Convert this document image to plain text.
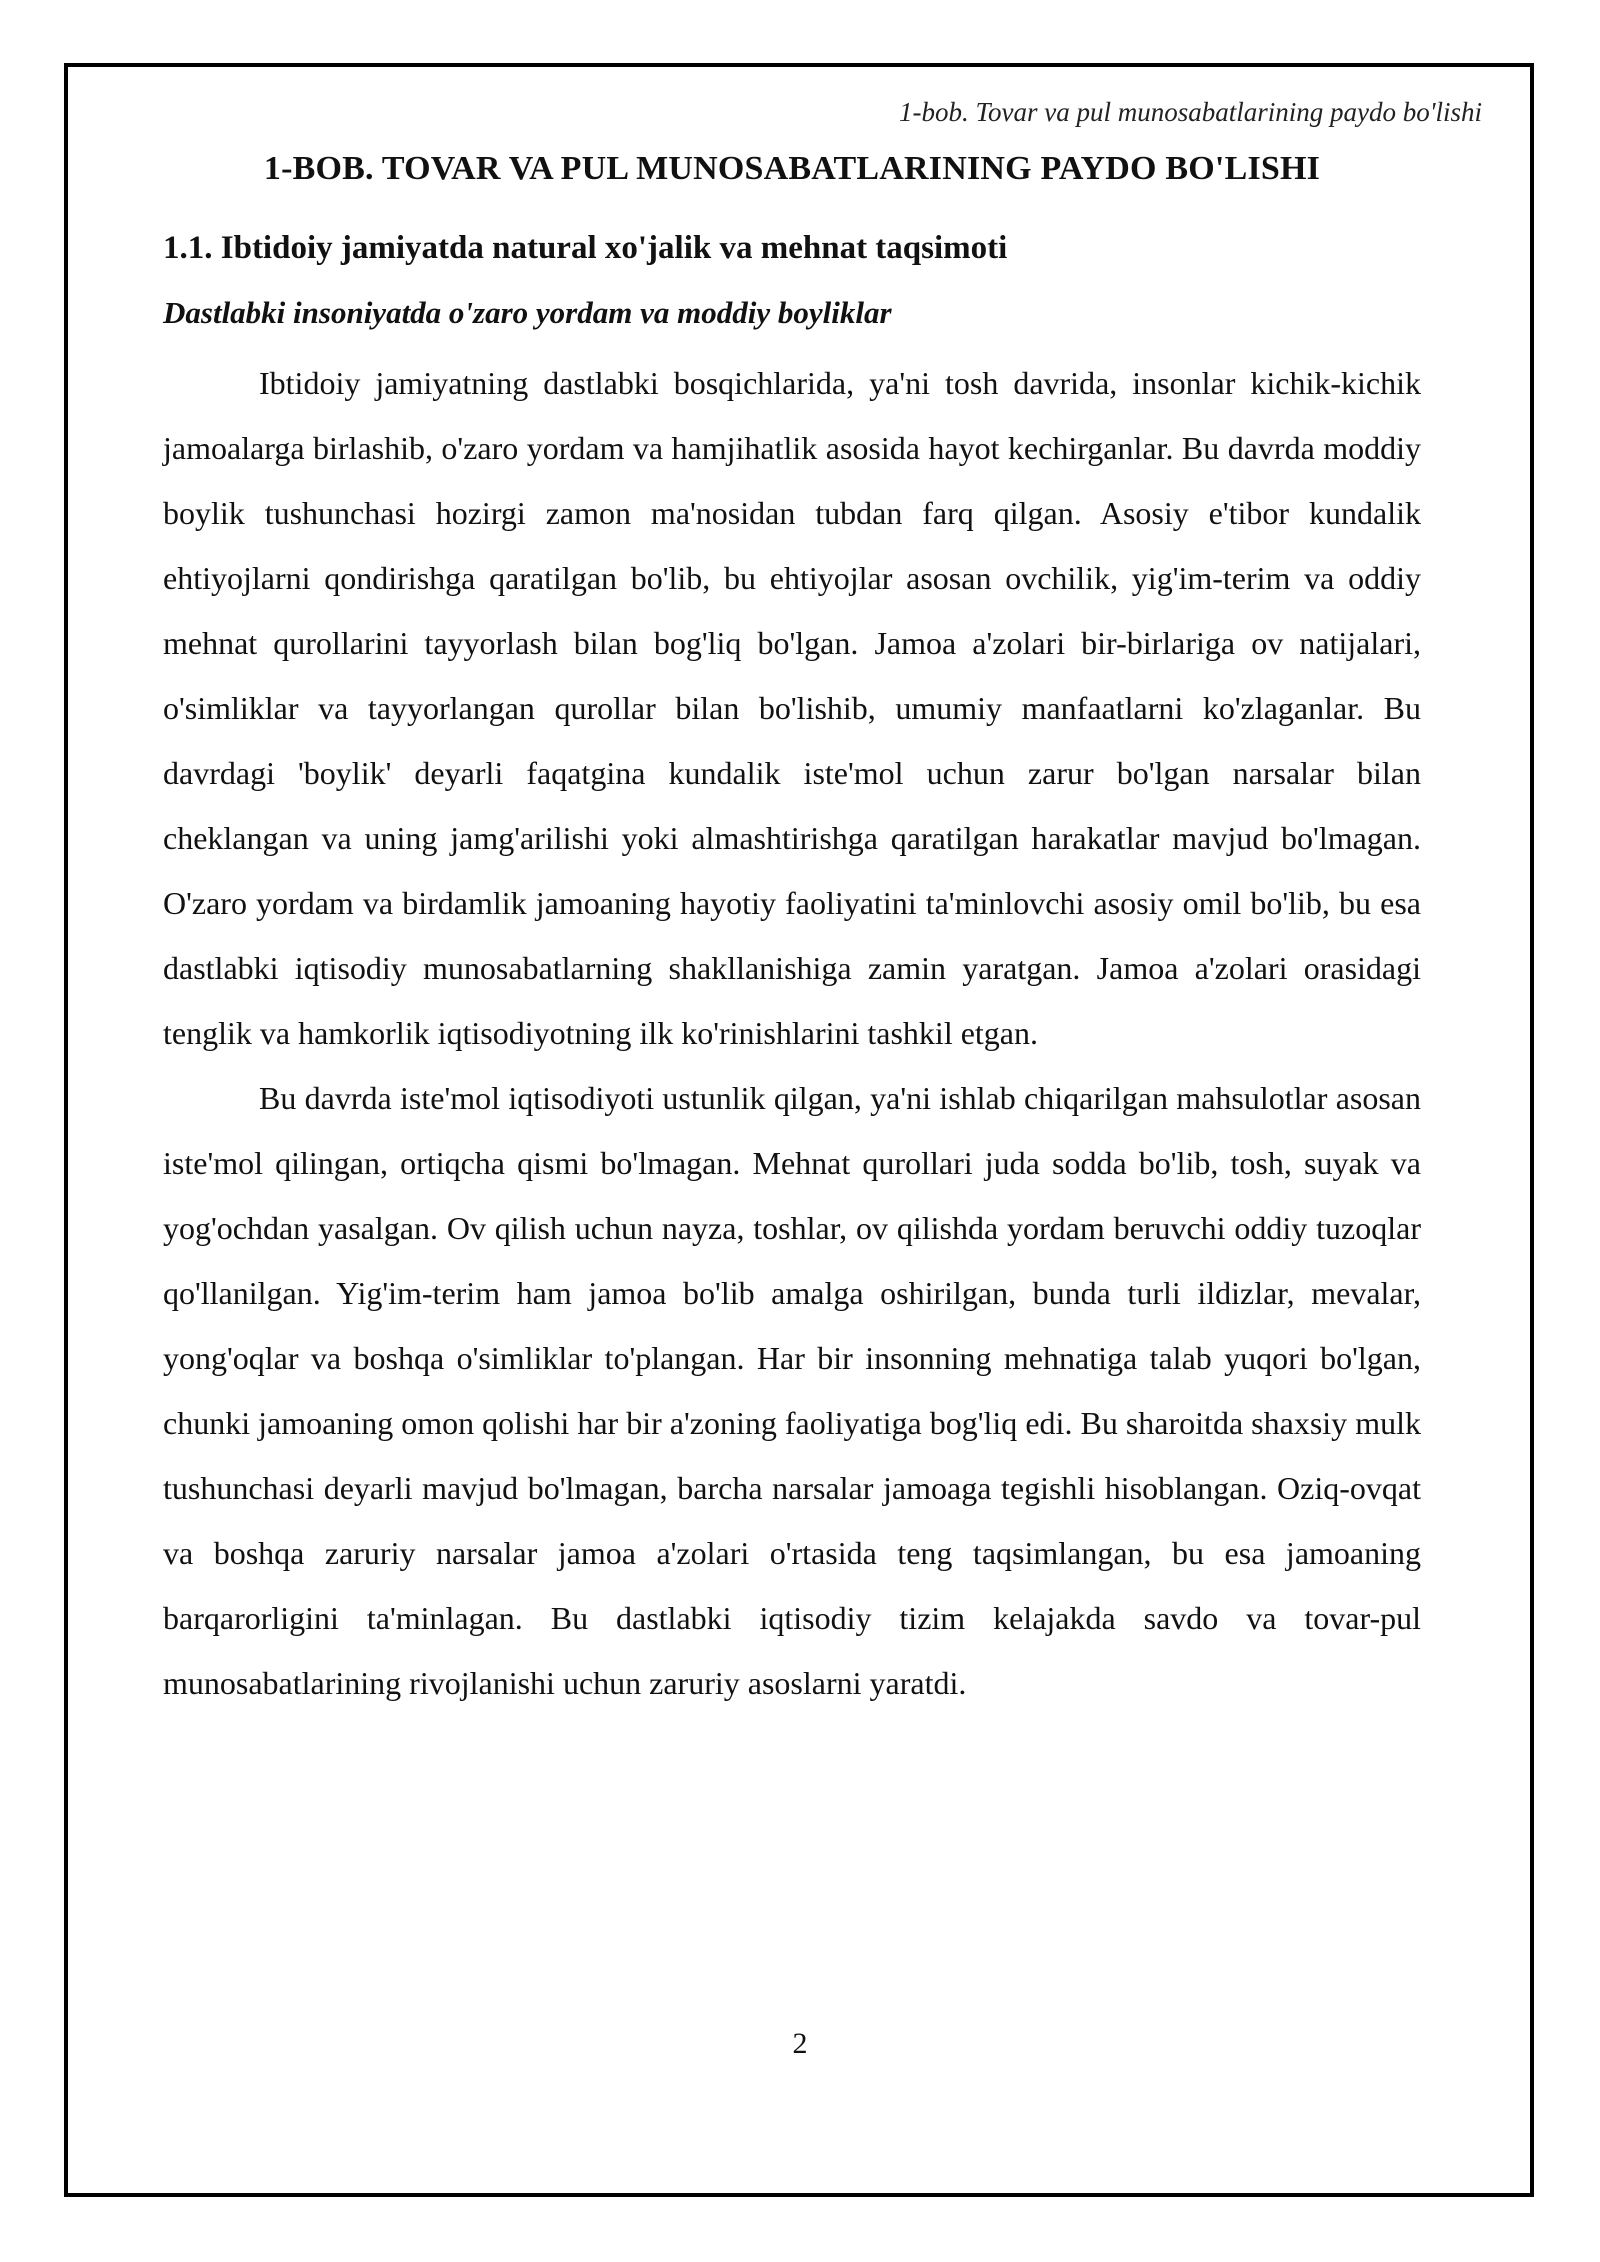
1-bob. Tovar va pul munosabatlarining paydo bo'lishi
1-BOB. TOVAR VA PUL MUNOSABATLARINING PAYDO BO'LISHI
1.1. Ibtidoiy jamiyatda natural xo'jalik va mehnat taqsimoti
Dastlabki insoniyatda o'zaro yordam va moddiy boyliklar

Ibtidoiy jamiyatning dastlabki bosqichlarida, ya'ni tosh davrida, insonlar kichik-kichik jamoalarga birlashib, o'zaro yordam va hamjihatlik asosida hayot kechirganlar. Bu davrda moddiy boylik tushunchasi hozirgi zamon ma'nosidan tubdan farq qilgan. Asosiy e'tibor kundalik ehtiyojlarni qondirishga qaratilgan bo'lib, bu ehtiyojlar asosan ovchilik, yig'im-terim va oddiy mehnat qurollarini tayyorlash bilan bog'liq bo'lgan. Jamoa a'zolari bir-birlariga ov natijalari, o'simliklar va tayyorlangan qurollar bilan bo'lishib, umumiy manfaatlarni ko'zlaganlar. Bu davrdagi 'boylik' deyarli faqatgina kundalik iste'mol uchun zarur bo'lgan narsalar bilan cheklangan va uning jamg'arilishi yoki almashtirishga qaratilgan harakatlar mavjud bo'lmagan. O'zaro yordam va birdamlik jamoaning hayotiy faoliyatini ta'minlovchi asosiy omil bo'lib, bu esa dastlabki iqtisodiy munosabatlarning shakllanishiga zamin yaratgan. Jamoa a'zolari orasidagi tenglik va hamkorlik iqtisodiyotning ilk ko'rinishlarini tashkil etgan.

Bu davrda iste'mol iqtisodiyoti ustunlik qilgan, ya'ni ishlab chiqarilgan mahsulotlar asosan iste'mol qilingan, ortiqcha qismi bo'lmagan. Mehnat qurollari juda sodda bo'lib, tosh, suyak va yog'ochdan yasalgan. Ov qilish uchun nayza, toshlar, ov qilishda yordam beruvchi oddiy tuzoqlar qo'llanilgan. Yig'im-terim ham jamoa bo'lib amalga oshirilgan, bunda turli ildizlar, mevalar, yong'oqlar va boshqa o'simliklar to'plangan. Har bir insonning mehnatiga talab yuqori bo'lgan, chunki jamoaning omon qolishi har bir a'zoning faoliyatiga bog'liq edi. Bu sharoitda shaxsiy mulk tushunchasi deyarli mavjud bo'lmagan, barcha narsalar jamoaga tegishli hisoblangan. Oziq-ovqat va boshqa zaruriy narsalar jamoa a'zolari o'rtasida teng taqsimlangan, bu esa jamoaning barqarorligini ta'minlagan. Bu dastlabki iqtisodiy tizim kelajakda savdo va tovar-pul munosabatlarining rivojlanishi uchun zaruriy asoslarni yaratdi.

2
